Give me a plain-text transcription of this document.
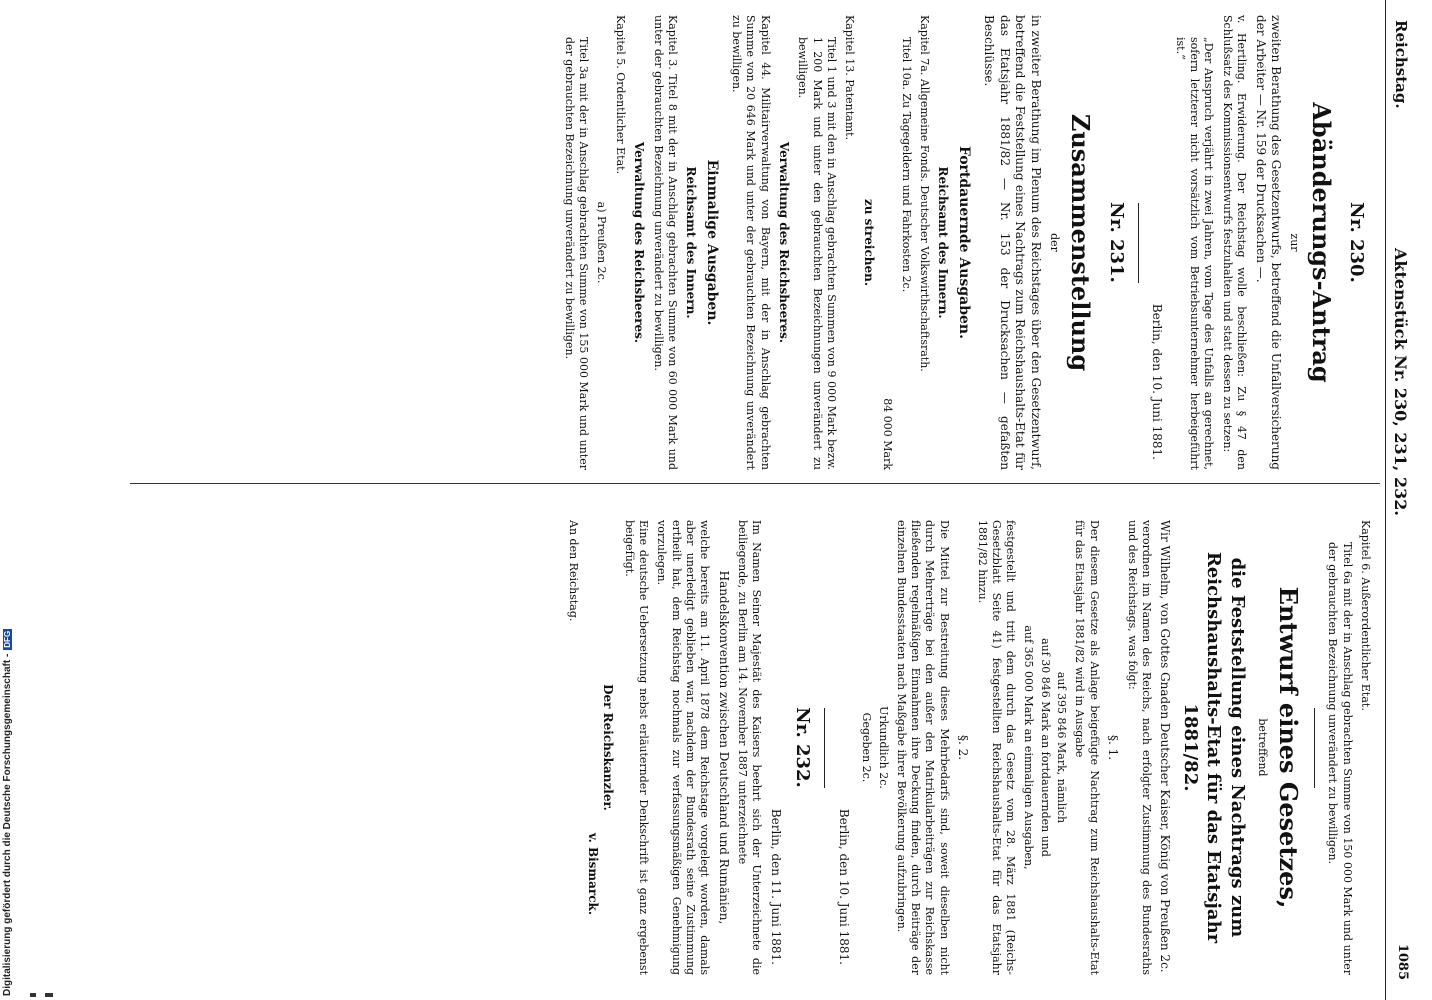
Reichstag.
Aktenstück Nr. 230, 231, 232.
1085
Nr. 230.
Abänderungs-Antrag
zur

zweiten Berathung des Gesetzentwurfs, betreffend die Unfallversicherung der Arbeiter — Nr. 159 der Drucksachen —.

v. Hertling. Erwiderung. Der Reichstag wolle beschließen: Zu § 47 den Schlußsatz des Kommissionsentwurfs festzuhalten und statt dessen zu setzen:

„Der Anspruch verjährt in zwei Jahren, vom Tage des Unfalls an gerechnet, sofern letzterer nicht vorsätzlich vom Betriebsunternehmer herbeigeführt ist.“

Berlin, den 10. Juni 1881.
Nr. 231.
Zusammenstellung
der

in zweiter Berathung im Plenum des Reichstages über den Gesetzentwurf, betreffend die Feststellung eines Nachtrags zum Reichshaushalts-Etat für das Etatsjahr 1881/82 — Nr. 153 der Drucksachen — gefaßten Beschlüsse.

Fortdauernde Ausgaben.
Reichsamt des Innern.

Kapitel 7a. Allgemeine Fonds. Deutscher Volkswirthschaftsrath.

Titel 10a. Zu Tagegeldern und Fahrkosten 2c.

84 000 Mark
zu streichen.

Kapitel 13. Patentamt.

Titel 1 und 3 mit den in Anschlag gebrachten Summen von 9 000 Mark bezw. 1 200 Mark und unter den gebrauchten Bezeichnungen unverändert zu bewilligen.

Verwaltung des Reichsheeres.

Kapitel 44. Militairverwaltung von Bayern, mit der in Anschlag gebrachten Summe von 20 646 Mark und unter der gebrauchten Bezeichnung unverändert zu bewilligen.

Einmalige Ausgaben.
Reichsamt des Innern.

Kapitel 3. Titel 8 mit der in Anschlag gebrachten Summe von 60 000 Mark und unter der gebrauchten Bezeichnung unverändert zu bewilligen.

Verwaltung des Reichsheeres.

Kapitel 5. Ordentlicher Etat.

a) Preußen 2c.

Titel 3a mit der in Anschlag gebrachten Summe von 155 000 Mark und unter der gebrauchten Bezeichnung unverändert zu bewilligen.

Kapitel 6. Außerordentlicher Etat.

Titel 6a mit der in Anschlag gebrachten Summe von 150 000 Mark und unter der gebrauchten Bezeichnung unverändert zu bewilligen.

Entwurf eines Gesetzes,
betreffend
die Feststellung eines Nachtrags zum Reichshaushalts-Etat für das Etatsjahr 1881/82.

Wir Wilhelm, von Gottes Gnaden Deutscher Kaiser, König von Preußen 2c.

verordnen im Namen des Reichs, nach erfolgter Zustimmung des Bundesraths und des Reichstags, was folgt:

§. 1.

Der diesem Gesetze als Anlage beigefügte Nachtrag zum Reichshaushalts-Etat für das Etatsjahr 1881/82 wird in Ausgabe

auf 395 846 Mark, nämlich
auf 30 846 Mark an fortdauernden und
auf 365 000 Mark an einmaligen Ausgaben,

festgestellt und tritt dem durch das Gesetz vom 28. März 1881 (Reichs-Gesetzblatt Seite 41) festgestellten Reichshaushalts-Etat für das Etatsjahr 1881/82 hinzu.

§. 2.

Die Mittel zur Bestreitung dieses Mehrbedarfs sind, soweit dieselben nicht durch Mehrerträge bei den außer den Matrikularbeiträgen zur Reichskasse fließenden regelmäßigen Einnahmen ihre Deckung finden, durch Beiträge der einzelnen Bundesstaaten nach Maßgabe ihrer Bevölkerung aufzubringen.

Urkundlich 2c.
Gegeben 2c.
Berlin, den 10. Juni 1881.
Nr. 232.
Berlin, den 11. Juni 1881.

Im Namen Seiner Majestät des Kaisers beehrt sich der Unterzeichnete die beiliegende, zu Berlin am 14. November 1887 unterzeichnete

Handelskonvention zwischen Deutschland und Rumänien,

welche bereits am 11. April 1878 dem Reichstage vorgelegt worden, damals aber unerledigt geblieben war, nachdem der Bundesrath seine Zustimmung ertheilt hat, dem Reichstag nochmals zur verfassungsmäßigen Genehmigung vorzulegen.

Eine deutsche Uebersetzung nebst erläuternder Denkschrift ist ganz ergebenst beigefügt.

Der Reichskanzler.
v. Bismarck.
An den Reichstag.
Digitalisierung gefördert durch die Deutsche Forschungsgemeinschaft -DFG
